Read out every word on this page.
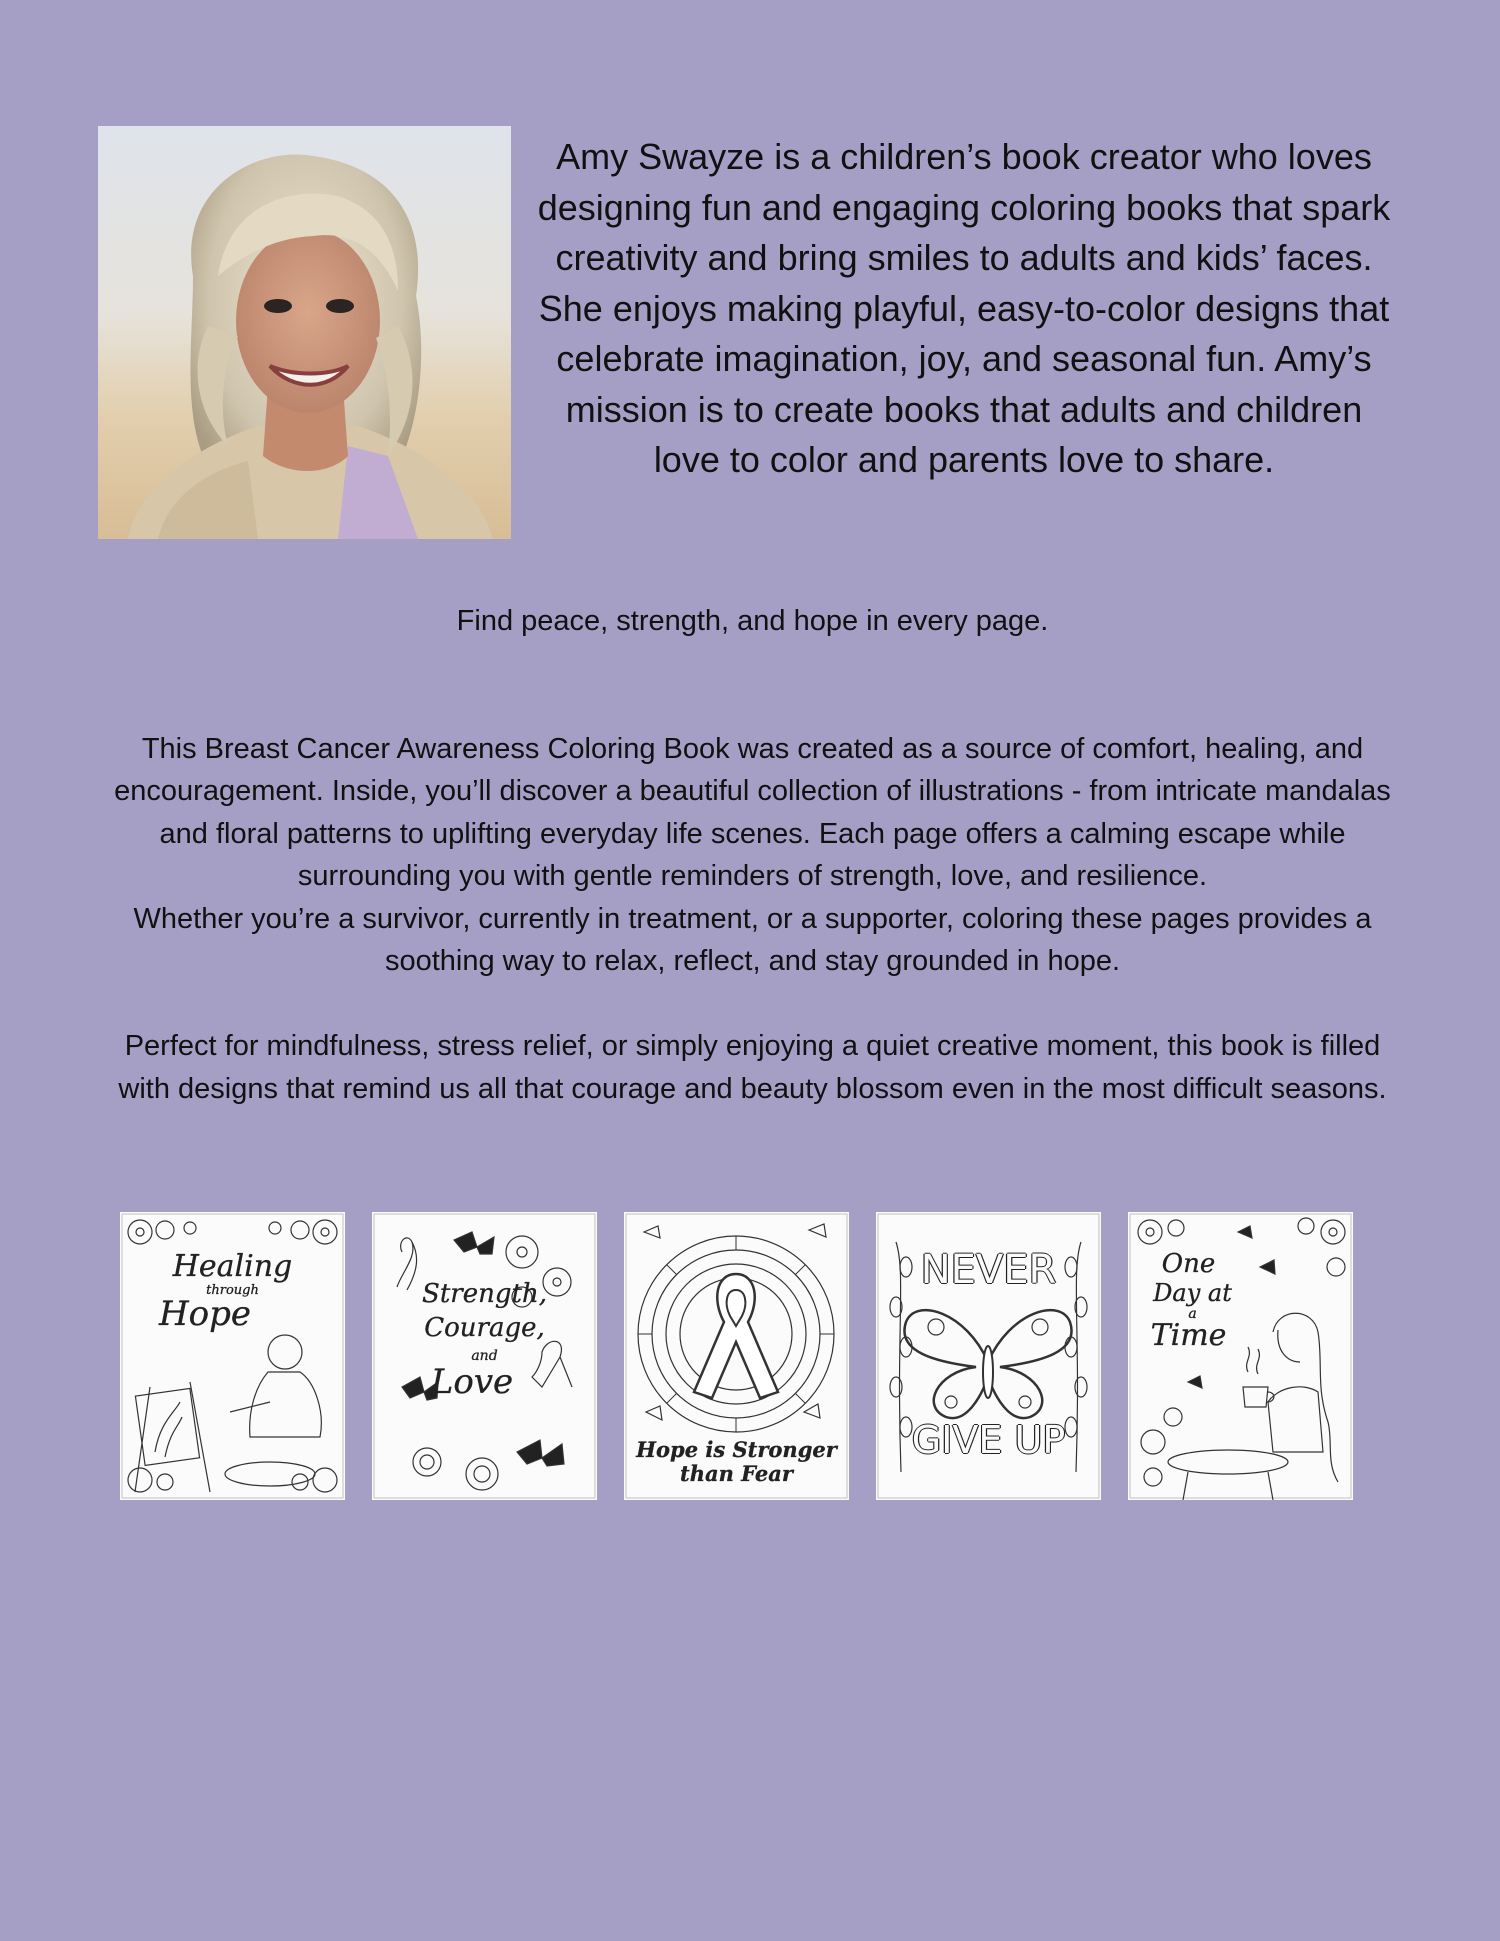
Amy Swayze is a children’s book creator who loves designing fun and engaging coloring books that spark creativity and bring smiles to adults and kids’ faces. She enjoys making playful, easy-to-color designs that celebrate imagination, joy, and seasonal fun. Amy’s mission is to create books that adults and children love to color and parents love to share.

Find peace, strength, and hope in every page.

This Breast Cancer Awareness Coloring Book was created as a source of comfort, healing, and encouragement. Inside, you’ll discover a beautiful collection of illustrations - from intricate mandalas and floral patterns to uplifting everyday life scenes. Each page offers a calming escape while surrounding you with gentle reminders of strength, love, and resilience.

Whether you’re a survivor, currently in treatment, or a supporter, coloring these pages provides a soothing way to relax, reflect, and stay grounded in hope.

Perfect for mindfulness, stress relief, or simply enjoying a quiet creative moment, this book is filled with designs that remind us all that courage and beauty blossom even in the most difficult seasons.

Healing
through
Hope	Strength,
Courage,
and
Love
Hope is Stronger
than Fear
NEVER
GIVE UP
One
Day at
a
Time
